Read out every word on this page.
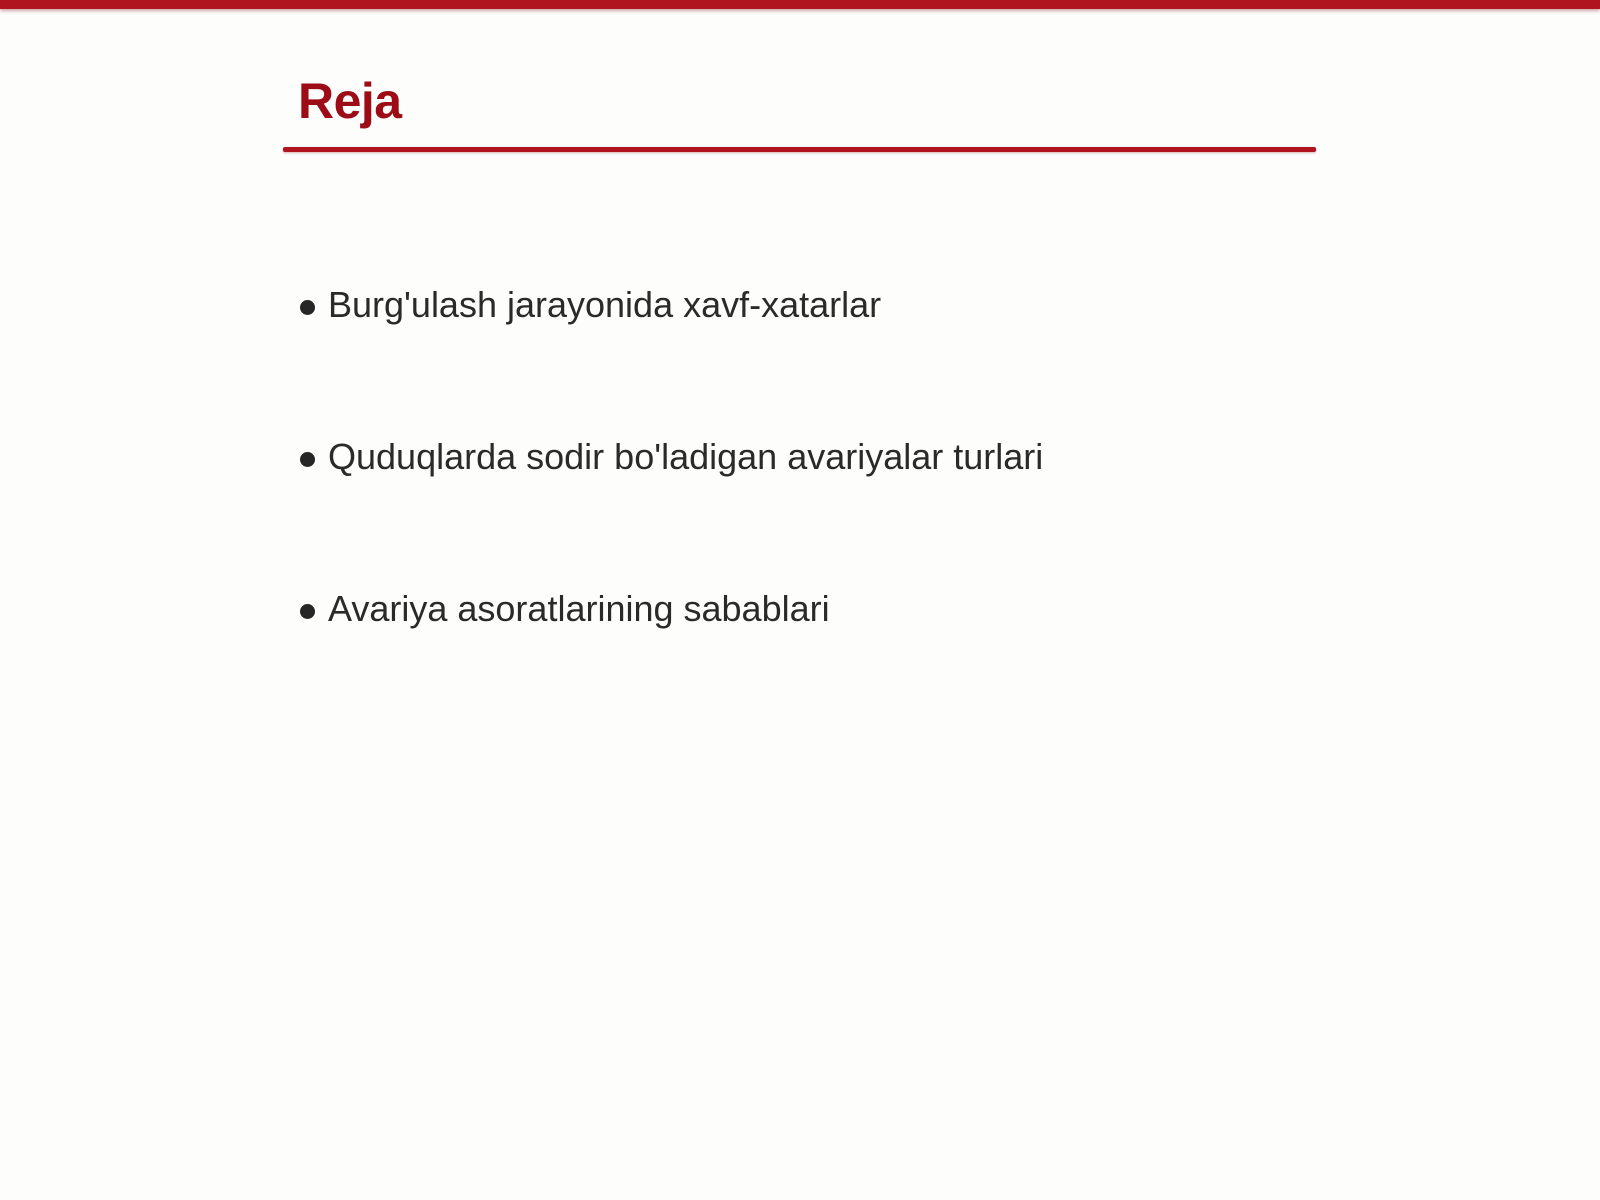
Reja
Burg'ulash jarayonida xavf-xatarlar
Quduqlarda sodir bo'ladigan avariyalar turlari
Avariya asoratlarining sabablari
